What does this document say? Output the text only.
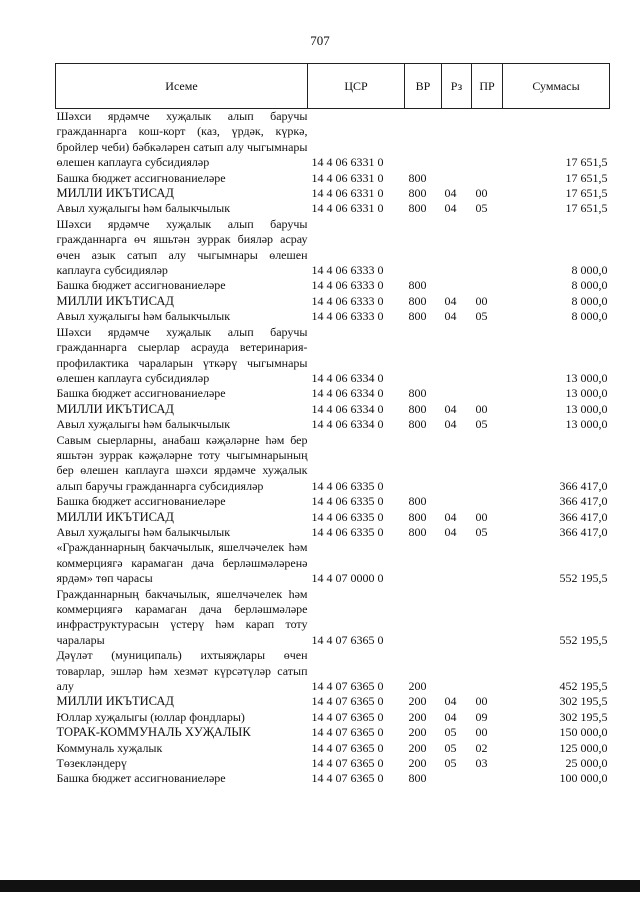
707
Исеме	ЦСР	ВР	Рз	ПР	Суммасы
Шәхси ярдәмче хуҗалык алып баручы гражданнарга кош-корт (каз, үрдәк, күркә, бройлер чеби) бәбкәләрен сатып алу чыгымнары өлешен каплауга субсидияләр	14 4 06 6331 0				17 651,5
Башка бюджет ассигнованиеләре	14 4 06 6331 0	800			17 651,5
МИЛЛИ ИКЪТИСАД	14 4 06 6331 0	800	04	00	17 651,5
Авыл хуҗалыгы һәм балыкчылык	14 4 06 6331 0	800	04	05	17 651,5
Шәхси ярдәмче хуҗалык алып баручы гражданнарга өч яшьтән зуррак бияләр асрау өчен азык сатып алу чыгымнары өлешен каплауга субсидияләр	14 4 06 6333 0				8 000,0
Башка бюджет ассигнованиеләре	14 4 06 6333 0	800			8 000,0
МИЛЛИ ИКЪТИСАД	14 4 06 6333 0	800	04	00	8 000,0
Авыл хуҗалыгы һәм балыкчылык	14 4 06 6333 0	800	04	05	8 000,0
Шәхси ярдәмче хуҗалык алып баручы гражданнарга сыерлар асрауда ветеринария-профилактика чараларын үткәрү чыгымнары өлешен каплауга субсидияләр	14 4 06 6334 0				13 000,0
Башка бюджет ассигнованиеләре	14 4 06 6334 0	800			13 000,0
МИЛЛИ ИКЪТИСАД	14 4 06 6334 0	800	04	00	13 000,0
Авыл хуҗалыгы һәм балыкчылык	14 4 06 6334 0	800	04	05	13 000,0
Савым сыерларны, анабаш кәҗәләрне һәм бер яшьтән зуррак кәҗәләрне тоту чыгымнарының бер өлешен каплауга шәхси ярдәмче хуҗалык алып баручы гражданнарга субсидияләр	14 4 06 6335 0				366 417,0
Башка бюджет ассигнованиеләре	14 4 06 6335 0	800			366 417,0
МИЛЛИ ИКЪТИСАД	14 4 06 6335 0	800	04	00	366 417,0
Авыл хуҗалыгы һәм балыкчылык	14 4 06 6335 0	800	04	05	366 417,0
«Гражданнарның бакчачылык, яшелчәчелек һәм коммерциягә карамаган дача берләшмәләренә ярдәм» төп чарасы	14 4 07 0000 0				552 195,5
Гражданнарның бакчачылык, яшелчәчелек һәм коммерциягә карамаган дача берләшмәләре инфраструктурасын үстерү һәм карап тоту чаралары	14 4 07 6365 0				552 195,5
Дәүләт (муниципаль) ихтыяҗлары өчен товарлар, эшләр һәм хезмәт күрсәтүләр сатып алу	14 4 07 6365 0	200			452 195,5
МИЛЛИ ИКЪТИСАД	14 4 07 6365 0	200	04	00	302 195,5
Юллар хуҗалыгы (юллар фондлары)	14 4 07 6365 0	200	04	09	302 195,5
ТОРАК-КОММУНАЛЬ ХУҖАЛЫК	14 4 07 6365 0	200	05	00	150 000,0
Коммуналь хуҗалык	14 4 07 6365 0	200	05	02	125 000,0
Төзекләндерү	14 4 07 6365 0	200	05	03	25 000,0
Башка бюджет ассигнованиеләре	14 4 07 6365 0	800			100 000,0
